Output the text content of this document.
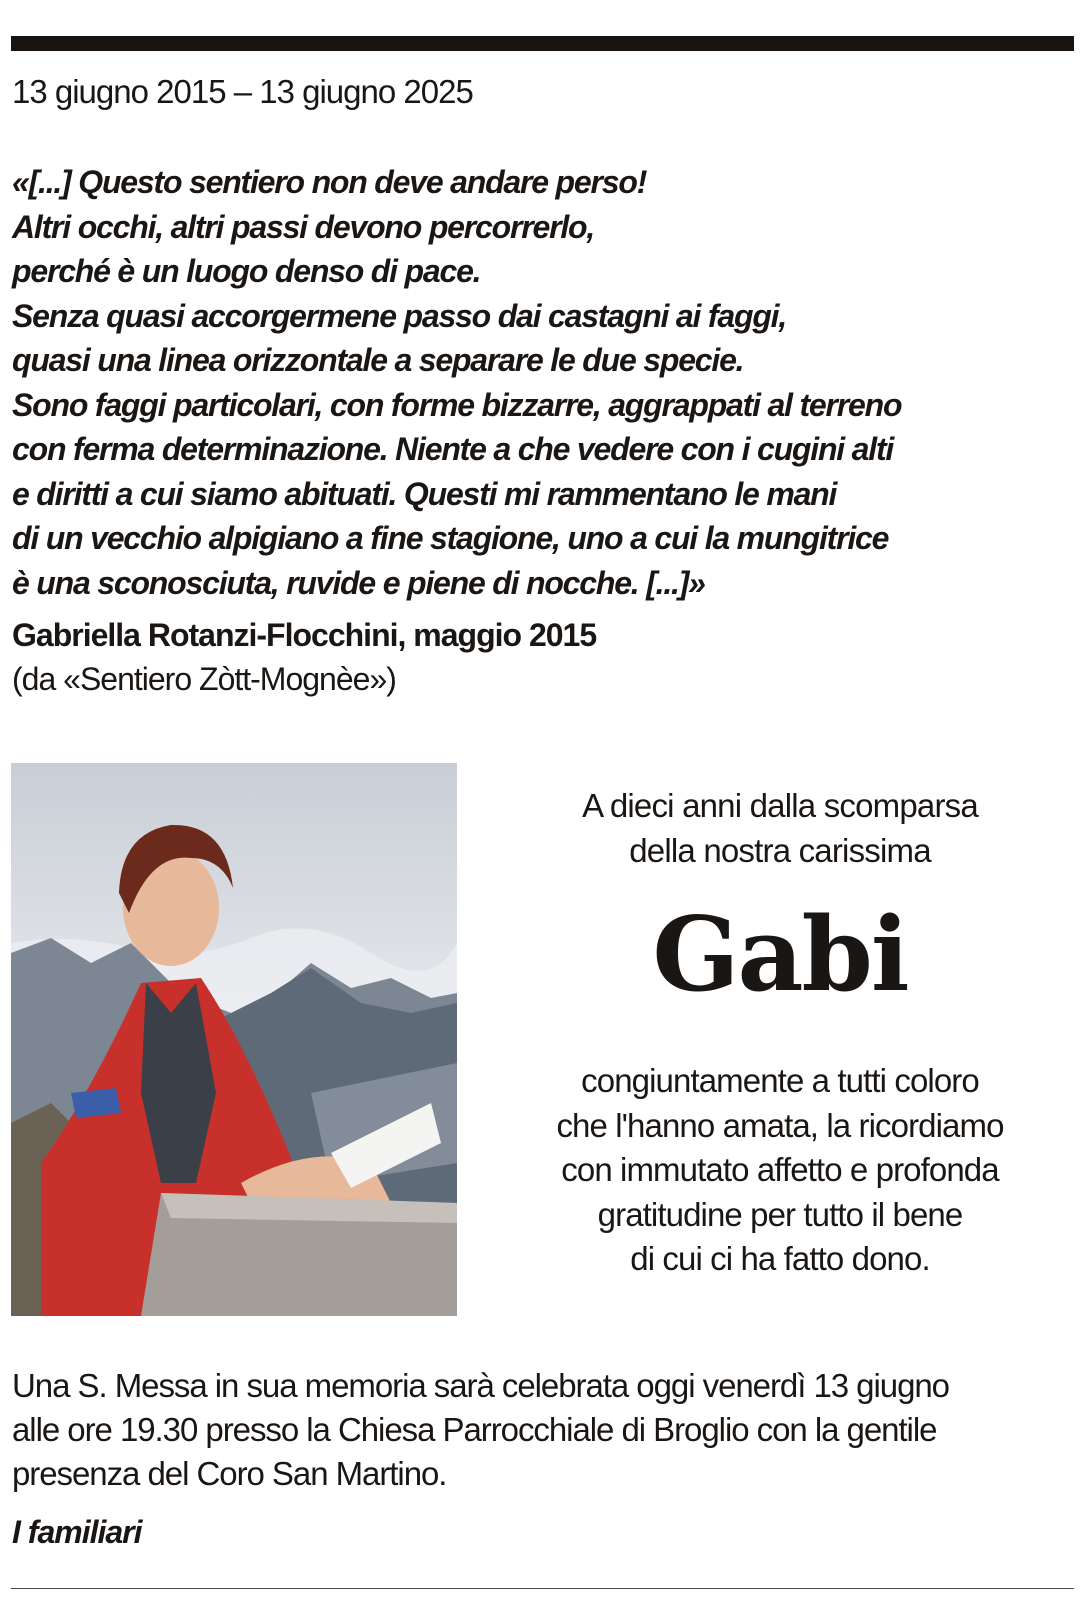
13 giugno 2015 – 13 giugno 2025
«[...] Questo sentiero non deve andare perso!
Altri occhi, altri passi devono percorrerlo,
perché è un luogo denso di pace.
Senza quasi accorgermene passo dai castagni ai faggi,
quasi una linea orizzontale a separare le due specie.
Sono faggi particolari, con forme bizzarre, aggrappati al terreno
con ferma determinazione. Niente a che vedere con i cugini alti
e diritti a cui siamo abituati. Questi mi rammentano le mani
di un vecchio alpigiano a fine stagione, uno a cui la mungitrice
è una sconosciuta, ruvide e piene di nocche. [...]»
Gabriella Rotanzi-Flocchini, maggio 2015
(da «Sentiero Zòtt-Mognèe»)
A dieci anni dalla scomparsa
della nostra carissima
Gabi
congiuntamente a tutti coloro
che l'hanno amata, la ricordiamo
con immutato affetto e profonda
gratitudine per tutto il bene
di cui ci ha fatto dono.
Una S. Messa in sua memoria sarà celebrata oggi venerdì 13 giugno
alle ore 19.30 presso la Chiesa Parrocchiale di Broglio con la gentile
presenza del Coro San Martino.
I familiari
